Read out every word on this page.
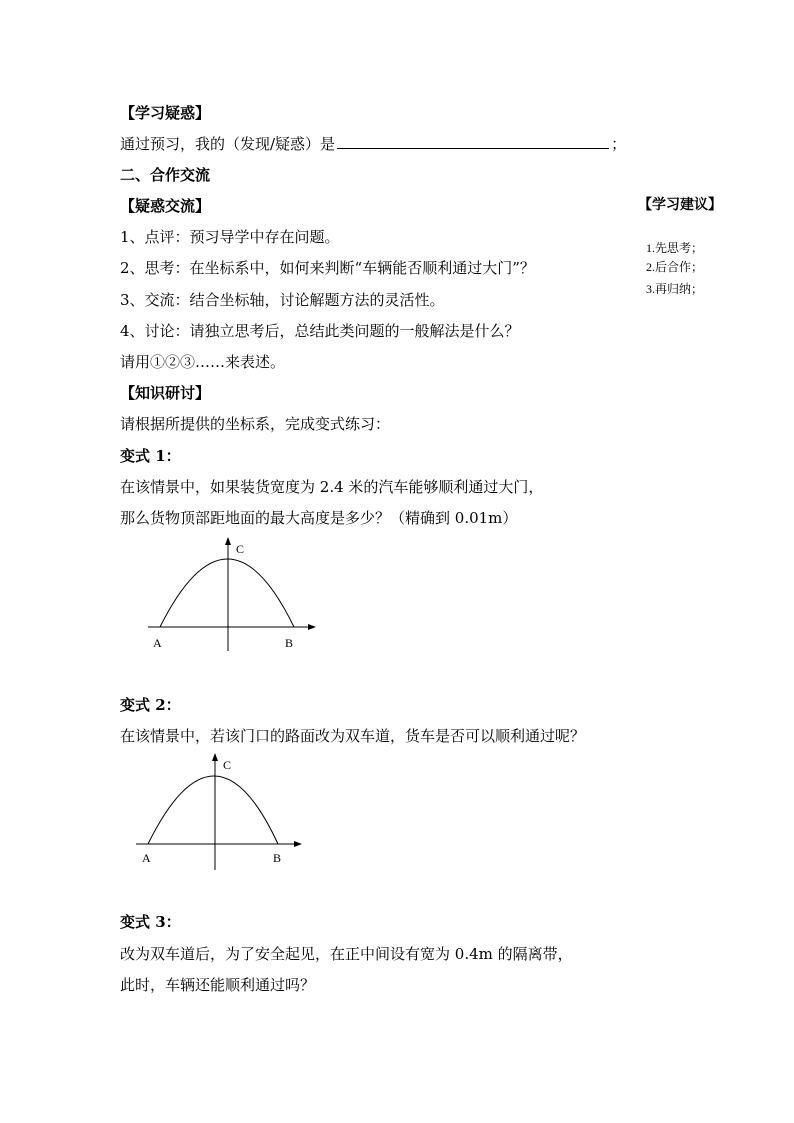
【学习疑惑】
通过预习，我的（发现/疑惑）是	；
二、合作交流
【疑惑交流】
1、点评：预习导学中存在问题。
2、思考：在坐标系中，如何来判断“车辆能否顺利通过大门”？
3、交流：结合坐标轴，讨论解题方法的灵活性。
4、讨论：请独立思考后，总结此类问题的一般解法是什么？
请用①②③……来表述。
【学习建议】
1.先思考；
2.后合作；
3.再归纳；
【知识研讨】
请根据所提供的坐标系，完成变式练习：
变式 1：
在该情景中，如果装货宽度为 2.4 米的汽车能够顺利通过大门，
那么货物顶部距地面的最大高度是多少？（精确到 0.01m）
C
A	B
变式 2：
在该情景中，若该门口的路面改为双车道，货车是否可以顺利通过呢？
C
A	B
变式 3：
改为双车道后，为了安全起见，在正中间设有宽为 0.4m 的隔离带，
此时，车辆还能顺利通过吗？
